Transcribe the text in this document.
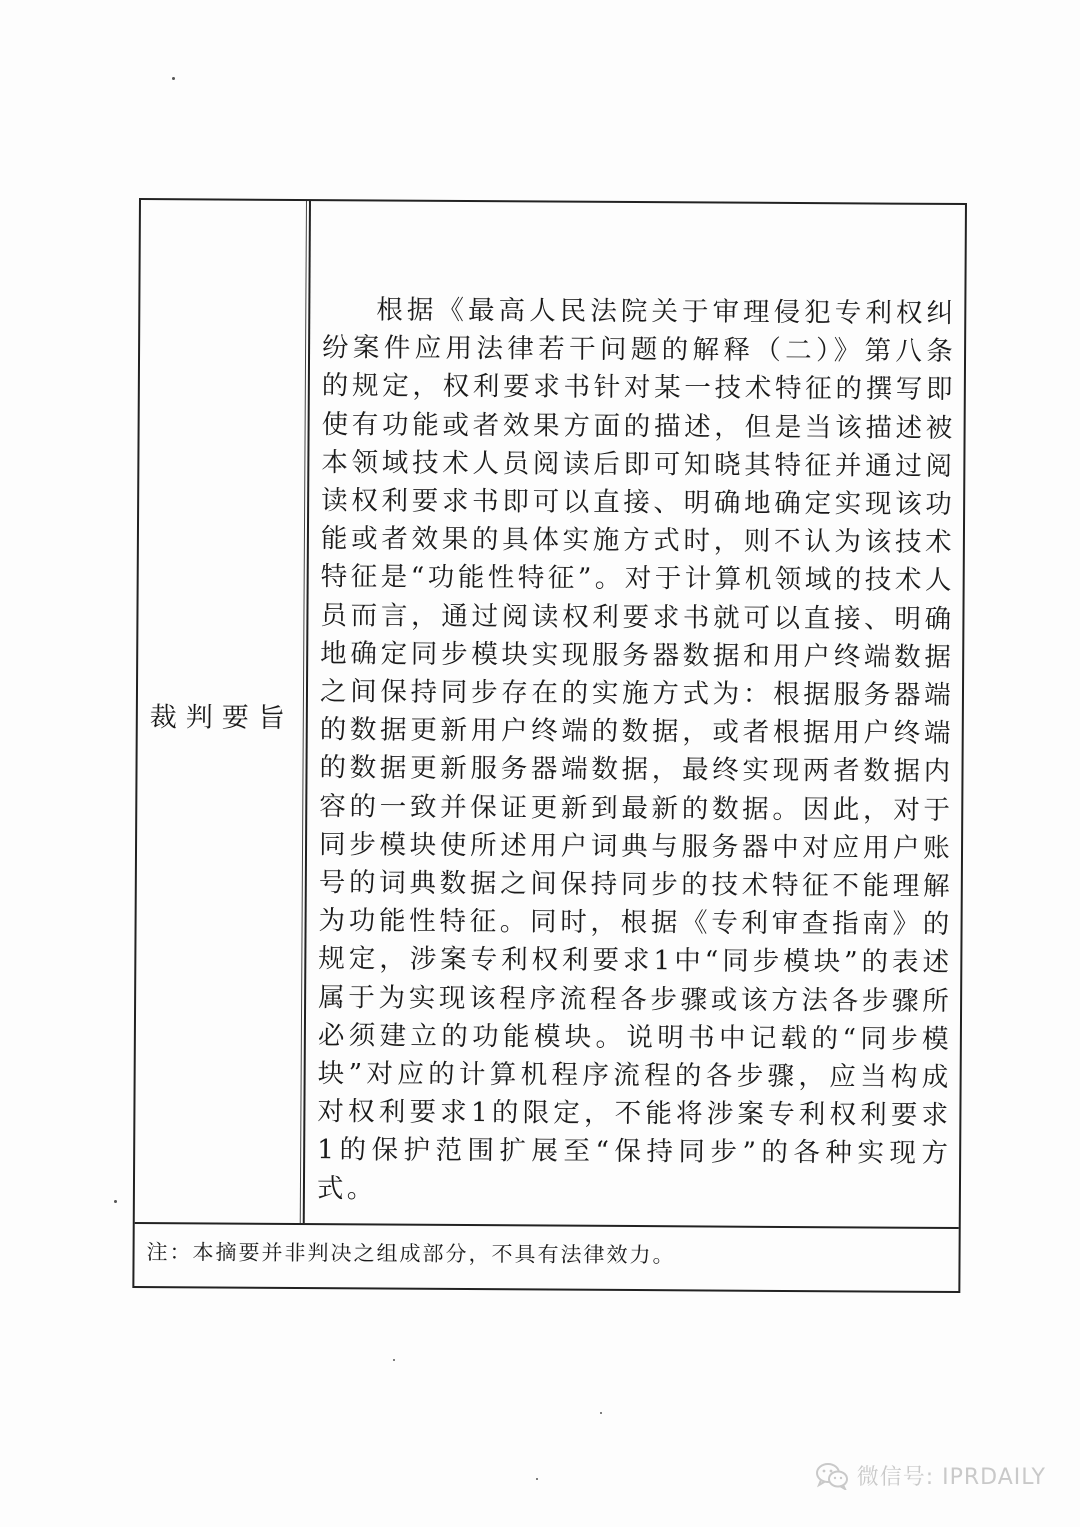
裁判要旨

根据《最高人民法院关于审理侵犯专利权纠纷案件应用法律若干问题的解释（二）》第八条的规定，权利要求书针对某一技术特征的撰写即使有功能或者效果方面的描述，但是当该描述被本领域技术人员阅读后即可知晓其特征并通过阅读权利要求书即可以直接、明确地确定实现该功能或者效果的具体实施方式时，则不认为该技术特征是“功能性特征”。对于计算机领域的技术人员而言，通过阅读权利要求书就可以直接、明确地确定同步模块实现服务器数据和用户终端数据之间保持同步存在的实施方式为：根据服务器端的数据更新用户终端的数据，或者根据用户终端的数据更新服务器端数据，最终实现两者数据内容的一致并保证更新到最新的数据。因此，对于同步模块使所述用户词典与服务器中对应用户账号的词典数据之间保持同步的技术特征不能理解为功能性特征。同时，根据《专利审查指南》的规定，涉案专利权利要求1中“同步模块”的表述属于为实现该程序流程各步骤或该方法各步骤所必须建立的功能模块。说明书中记载的“同步模块”对应的计算机程序流程的各步骤，应当构成对权利要求1的限定，不能将涉案专利权利要求1的保护范围扩展至“保持同步”的各种实现方式。

注：本摘要并非判决之组成部分，不具有法律效力。
微信号: IPRDAILY
